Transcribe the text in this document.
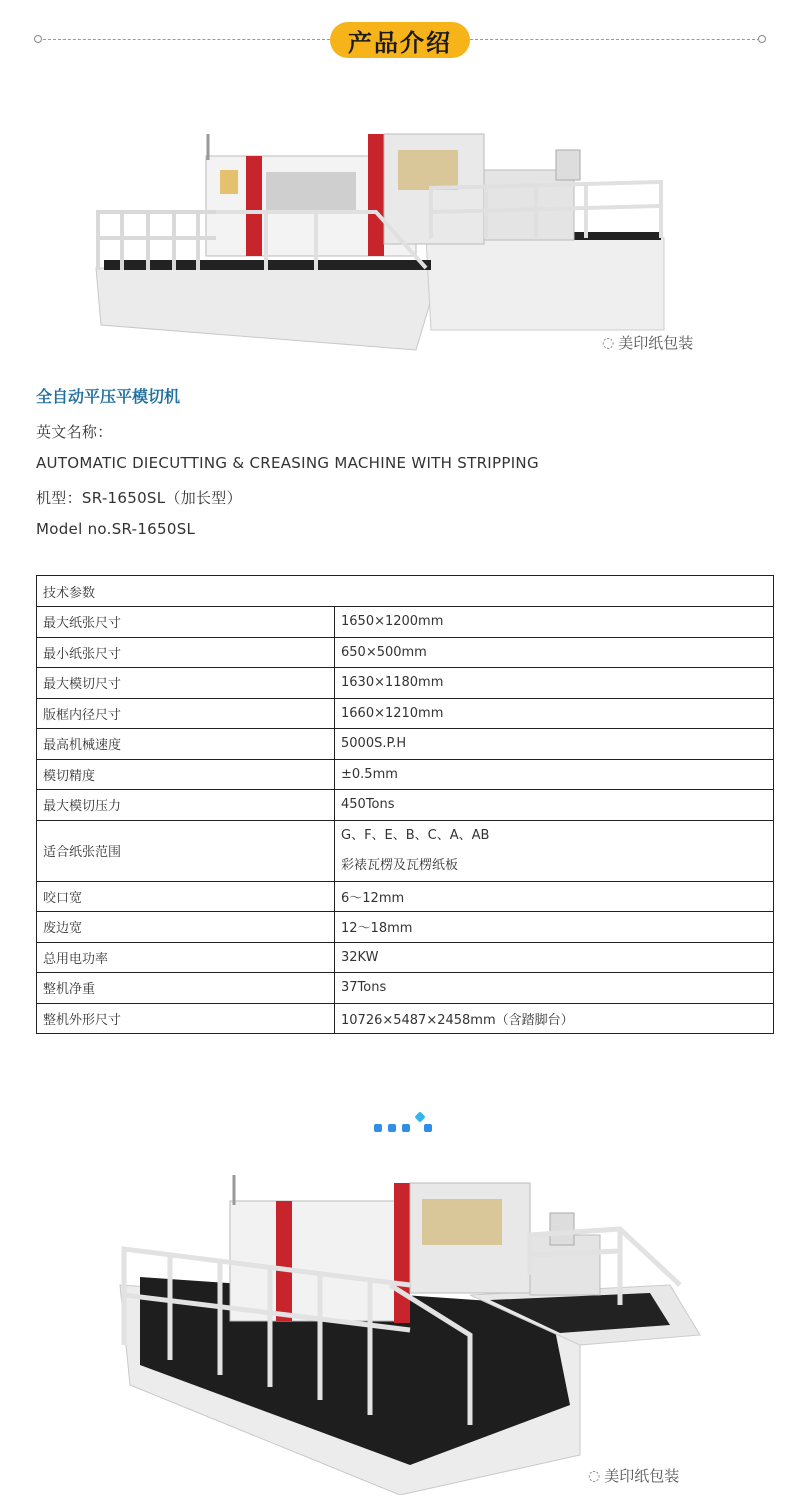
产品介绍
◌ 美印纸包装
全自动平压平模切机
英文名称：
AUTOMATIC DIECUTTING & CREASING MACHINE WITH STRIPPING
机型：SR-1650SL（加长型）
Model no.SR-1650SL
技术参数	
最大纸张尺寸	1650×1200mm
最小纸张尺寸	650×500mm
最大模切尺寸	1630×1180mm
版框内径尺寸	1660×1210mm
最高机械速度	5000S.P.H
模切精度	±0.5mm
最大模切压力	450Tons
适合纸张范围	G、F、E、B、C、A、AB
彩裱瓦楞及瓦楞纸板

咬口宽	6～12mm
废边宽	12～18mm
总用电功率	32KW
整机净重	37Tons
整机外形尺寸	10726×5487×2458mm（含踏脚台）
◌ 美印纸包装
